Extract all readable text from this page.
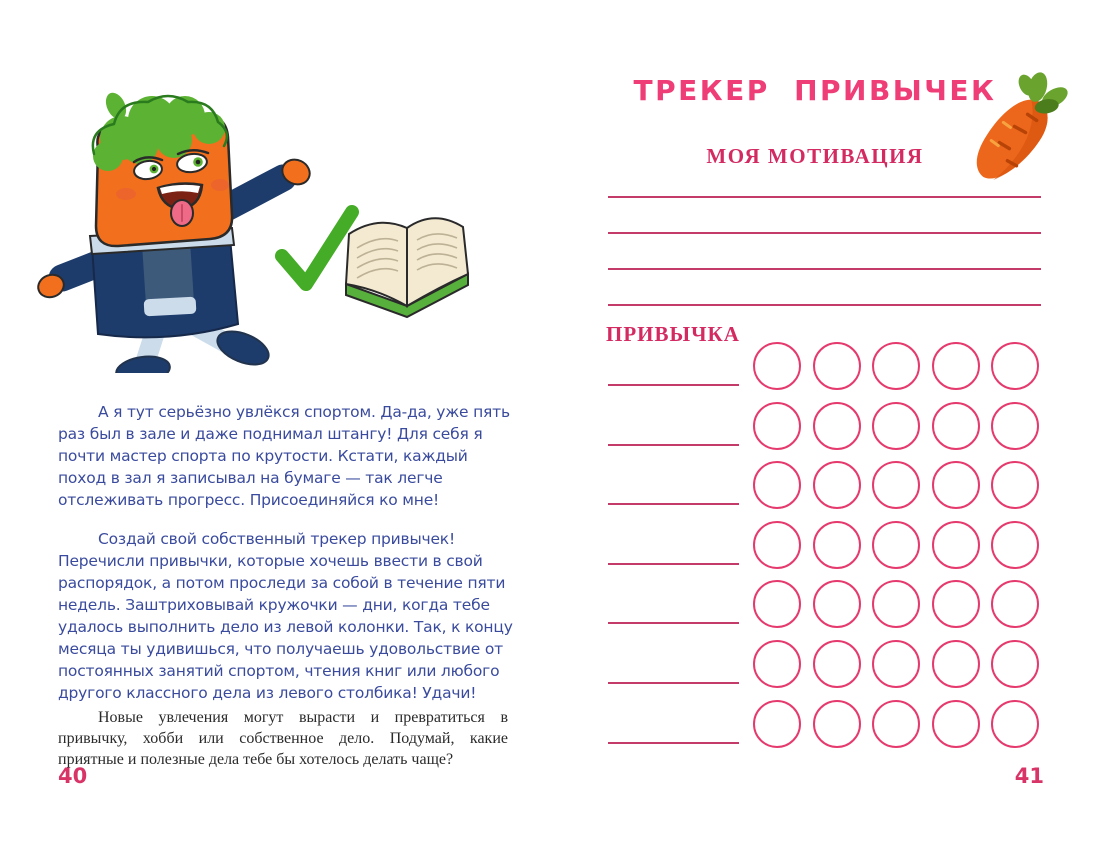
А я тут серьёзно увлёкся спортом. Да-да, уже пять раз был в зале и даже поднимал штангу! Для себя я почти мастер спорта по крутости. Кстати, каждый поход в зал я записывал на бумаге — так легче отслеживать прогресс. Присоединяйся ко мне!

Создай свой собственный трекер привычек! Перечисли привычки, которые хочешь ввести в свой распорядок, а потом проследи за собой в течение пяти недель. Заштриховывай кружочки — дни, когда тебе удалось выполнить дело из левой колонки. Так, к концу месяца ты удивишься, что получаешь удовольствие от постоянных занятий спортом, чтения книг или любого другого классного дела из левого столбика! Удачи!

Новые увлечения могут вырасти и превратиться в привычку, хобби или собственное дело. Подумай, какие приятные и полезные дела тебе бы хотелось делать чаще?

40
ТРЕКЕР ПРИВЫЧЕК
МОЯ МОТИВАЦИЯ
ПРИВЫЧКА
41
